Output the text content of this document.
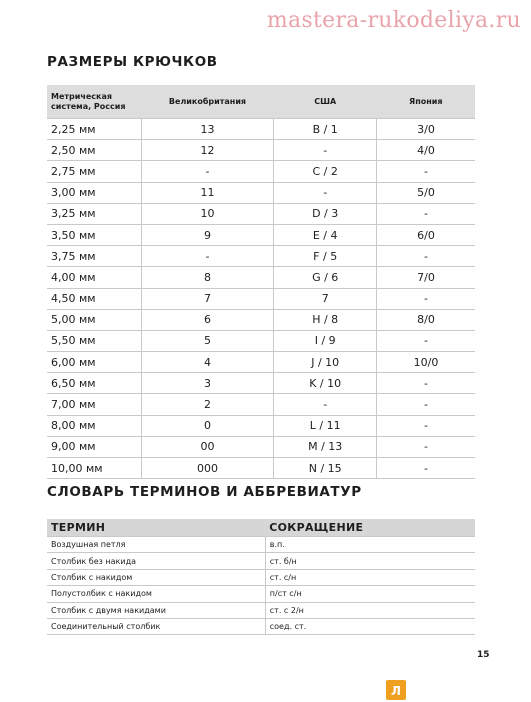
mastera-rukodeliya.ru
РАЗМЕРЫ КРЮЧКОВ
Метрическая система, Россия	Великобритания	США	Япония
2,25 мм	13	B / 1	3/0
2,50 мм	12	-	4/0
2,75 мм	-	C / 2	-
3,00 мм	11	-	5/0
3,25 мм	10	D / 3	-
3,50 мм	9	E / 4	6/0
3,75 мм	-	F / 5	-
4,00 мм	8	G / 6	7/0
4,50 мм	7	7	-
5,00 мм	6	H / 8	8/0
5,50 мм	5	I / 9	-
6,00 мм	4	J / 10	10/0
6,50 мм	3	K / 10	-
7,00 мм	2	-	-
8,00 мм	0	L / 11	-
9,00 мм	00	M / 13	-
10,00 мм	000	N / 15	-
СЛОВАРЬ ТЕРМИНОВ И АББРЕВИАТУР
ТЕРМИН	СОКРАЩЕНИЕ
Воздушная петля	в.п.
Столбик без накида	ст. б/н
Столбик с накидом	ст. с/н
Полустолбик с накидом	п/ст с/н
Столбик с двумя накидами	ст. с 2/н
Соединительный столбик	соед. ст.
15
Л
